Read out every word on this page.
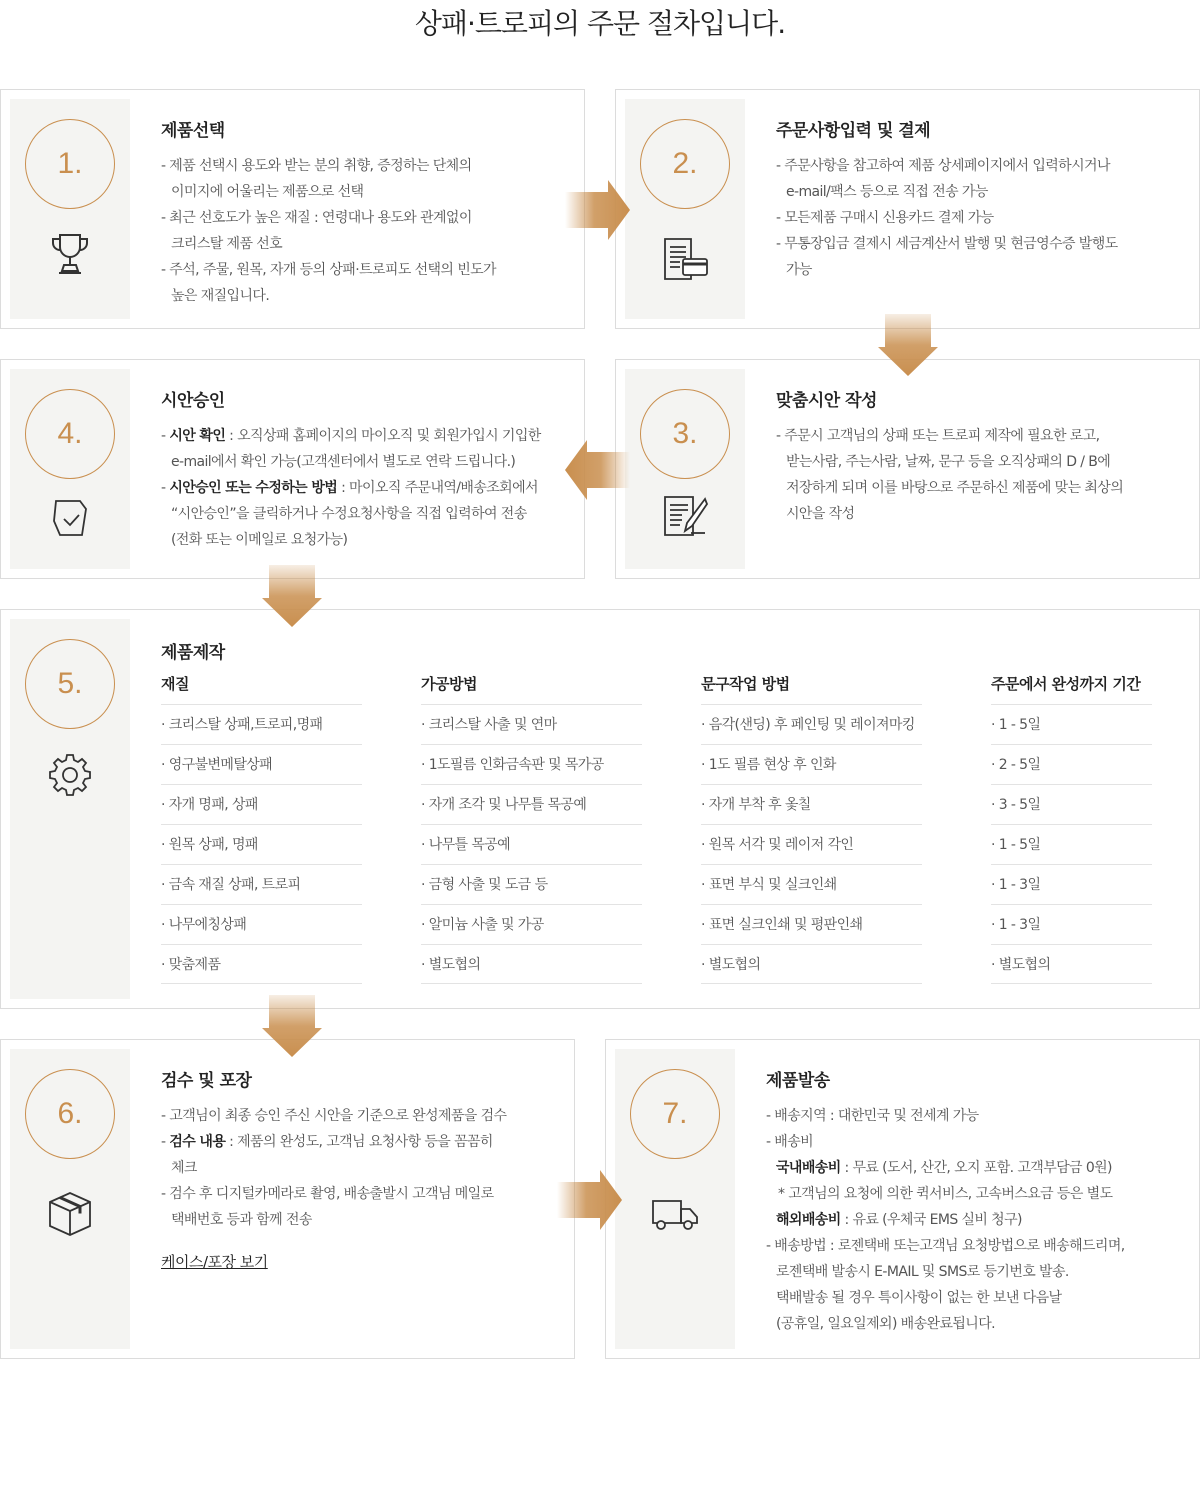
상패·트로피의 주문 절차입니다.
1.
제품선택
- 제품 선택시 용도와 받는 분의 취향, 증정하는 단체의
이미지에 어울리는 제품으로 선택
- 최근 선호도가 높은 재질 : 연령대나 용도와 관계없이
크리스탈 제품 선호
- 주석, 주물, 원목, 자개 등의 상패·트로피도 선택의 빈도가
높은 재질입니다.
2.
주문사항입력 및 결제
- 주문사항을 참고하여 제품 상세페이지에서 입력하시거나
e-mail/팩스 등으로 직접 전송 가능
- 모든제품 구매시 신용카드 결제 가능
- 무통장입금 결제시 세금계산서 발행 및 현금영수증 발행도
가능
4.
시안승인
- 시안 확인 : 오직상패 홈페이지의 마이오직 및 회원가입시 기입한
e-mail에서 확인 가능(고객센터에서 별도로 연락 드립니다.)
- 시안승인 또는 수정하는 방법 : 마이오직 주문내역/배송조회에서
“시안승인”을 클릭하거나 수정요청사항을 직접 입력하여 전송
(전화 또는 이메일로 요청가능)
3.
맞춤시안 작성
- 주문시 고객님의 상패 또는 트로피 제작에 필요한 로고,
받는사람, 주는사람, 날짜, 문구 등을 오직상패의 D / B에
저장하게 되며 이를 바탕으로 주문하신 제품에 맞는 최상의
시안을 작성
5.
제품제작
재질
· 크리스탈 상패,트로피,명패
· 영구불변메탈상패
· 자개 명패, 상패
· 원목 상패, 명패
· 금속 재질 상패, 트로피
· 나무에칭상패
· 맞춤제품
가공방법
· 크리스탈 사출 및 연마
· 1도필름 인화금속판 및 목가공
· 자개 조각 및 나무틀 목공예
· 나무틀 목공예
· 금형 사출 및 도금 등
· 알미늄 사출 및 가공
· 별도협의
문구작업 방법
· 음각(샌딩) 후 페인팅 및 레이져마킹
· 1도 필름 현상 후 인화
· 자개 부착 후 옻칠
· 원목 서각 및 레이저 각인
· 표면 부식 및 실크인쇄
· 표면 실크인쇄 및 평판인쇄
· 별도협의
주문에서 완성까지 기간
· 1 - 5일
· 2 - 5일
· 3 - 5일
· 1 - 5일
· 1 - 3일
· 1 - 3일
· 별도협의
6.
검수 및 포장
- 고객님이 최종 승인 주신 시안을 기준으로 완성제품을 검수
- 검수 내용 : 제품의 완성도, 고객님 요청사항 등을 꼼꼼히
체크
- 검수 후 디지털카메라로 촬영, 배송출발시 고객님 메일로
택배번호 등과 함께 전송
케이스/포장 보기
7.
제품발송
- 배송지역 : 대한민국 및 전세계 가능
- 배송비
국내배송비 : 무료 (도서, 산간, 오지 포함. 고객부담금 0원)
* 고객님의 요청에 의한 퀵서비스, 고속버스요금 등은 별도
해외배송비 : 유료 (우체국 EMS 실비 청구)
- 배송방법 : 로젠택배 또는고객님 요청방법으로 배송해드리며,
로젠택배 발송시 E-MAIL 및 SMS로 등기번호 발송.
택배발송 될 경우 특이사항이 없는 한 보낸 다음날
(공휴일, 일요일제외) 배송완료됩니다.
